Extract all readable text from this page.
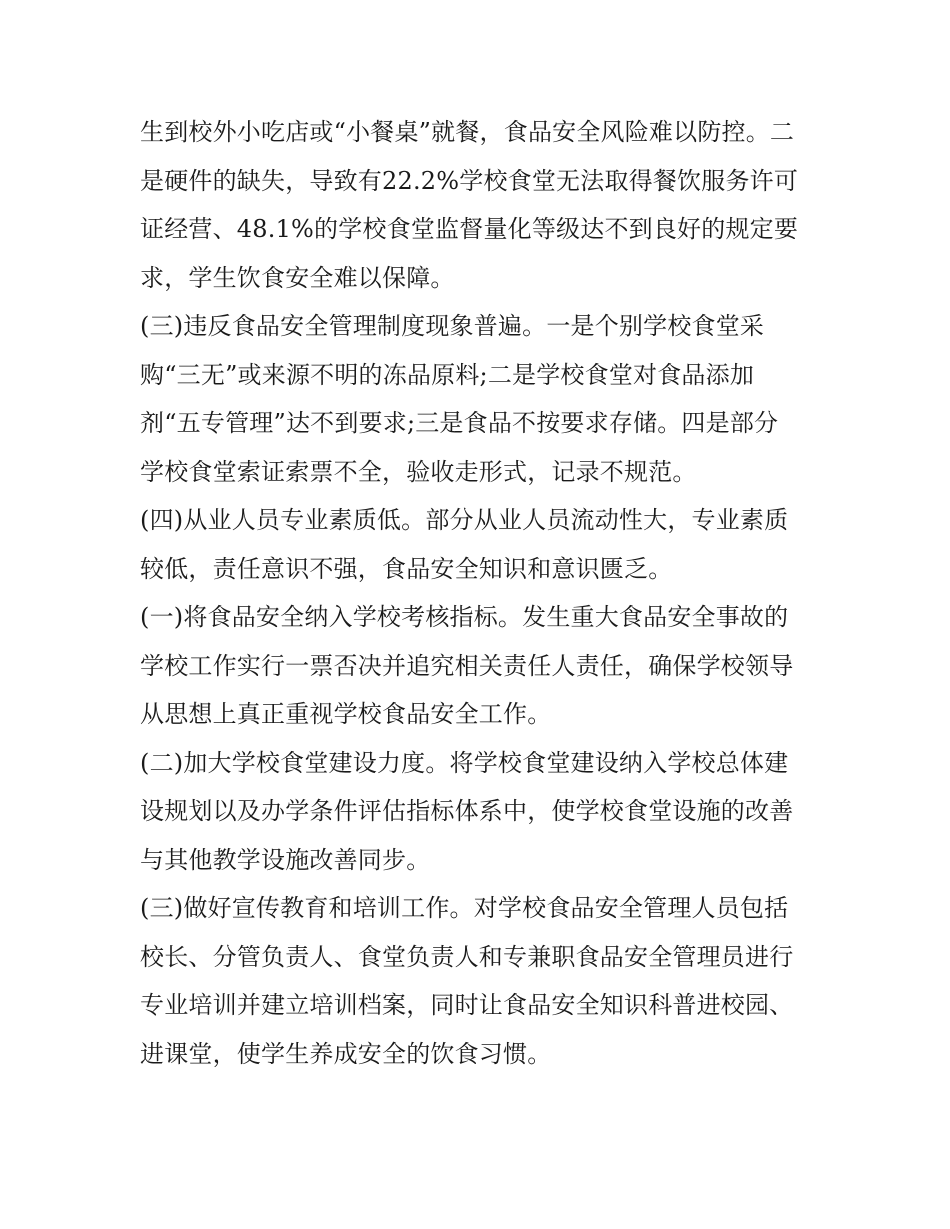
生到校外小吃店或“小餐桌”就餐，食品安全风险难以防控。二
是硬件的缺失，导致有22.2%学校食堂无法取得餐饮服务许可
证经营、48.1%的学校食堂监督量化等级达不到良好的规定要
求，学生饮食安全难以保障。
(三)违反食品安全管理制度现象普遍。一是个别学校食堂采
购“三无”或来源不明的冻品原料;二是学校食堂对食品添加
剂“五专管理”达不到要求;三是食品不按要求存储。四是部分
学校食堂索证索票不全，验收走形式，记录不规范。
(四)从业人员专业素质低。部分从业人员流动性大，专业素质
较低，责任意识不强，食品安全知识和意识匮乏。
(一)将食品安全纳入学校考核指标。发生重大食品安全事故的
学校工作实行一票否决并追究相关责任人责任，确保学校领导
从思想上真正重视学校食品安全工作。
(二)加大学校食堂建设力度。将学校食堂建设纳入学校总体建
设规划以及办学条件评估指标体系中，使学校食堂设施的改善
与其他教学设施改善同步。
(三)做好宣传教育和培训工作。对学校食品安全管理人员包括
校长、分管负责人、食堂负责人和专兼职食品安全管理员进行
专业培训并建立培训档案，同时让食品安全知识科普进校园、
进课堂，使学生养成安全的饮食习惯。
